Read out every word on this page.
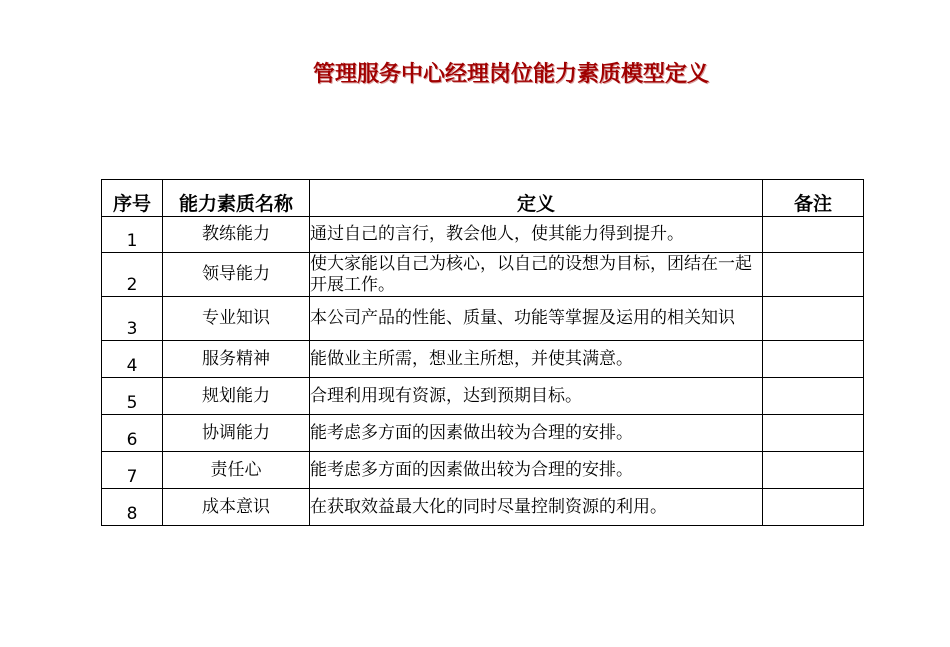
管理服务中心经理岗位能力素质模型定义
序号	能力素质名称	定义	备注
1	教练能力	通过自己的言行，教会他人，使其能力得到提升。	
2	领导能力	使大家能以自己为核心，以自己的设想为目标，团结在一起开展工作。	
3	专业知识	本公司产品的性能、质量、功能等掌握及运用的相关知识	
4	服务精神	能做业主所需，想业主所想，并使其满意。	
5	规划能力	合理利用现有资源，达到预期目标。	
6	协调能力	能考虑多方面的因素做出较为合理的安排。	
7	责任心	能考虑多方面的因素做出较为合理的安排。	
8	成本意识	在获取效益最大化的同时尽量控制资源的利用。	
